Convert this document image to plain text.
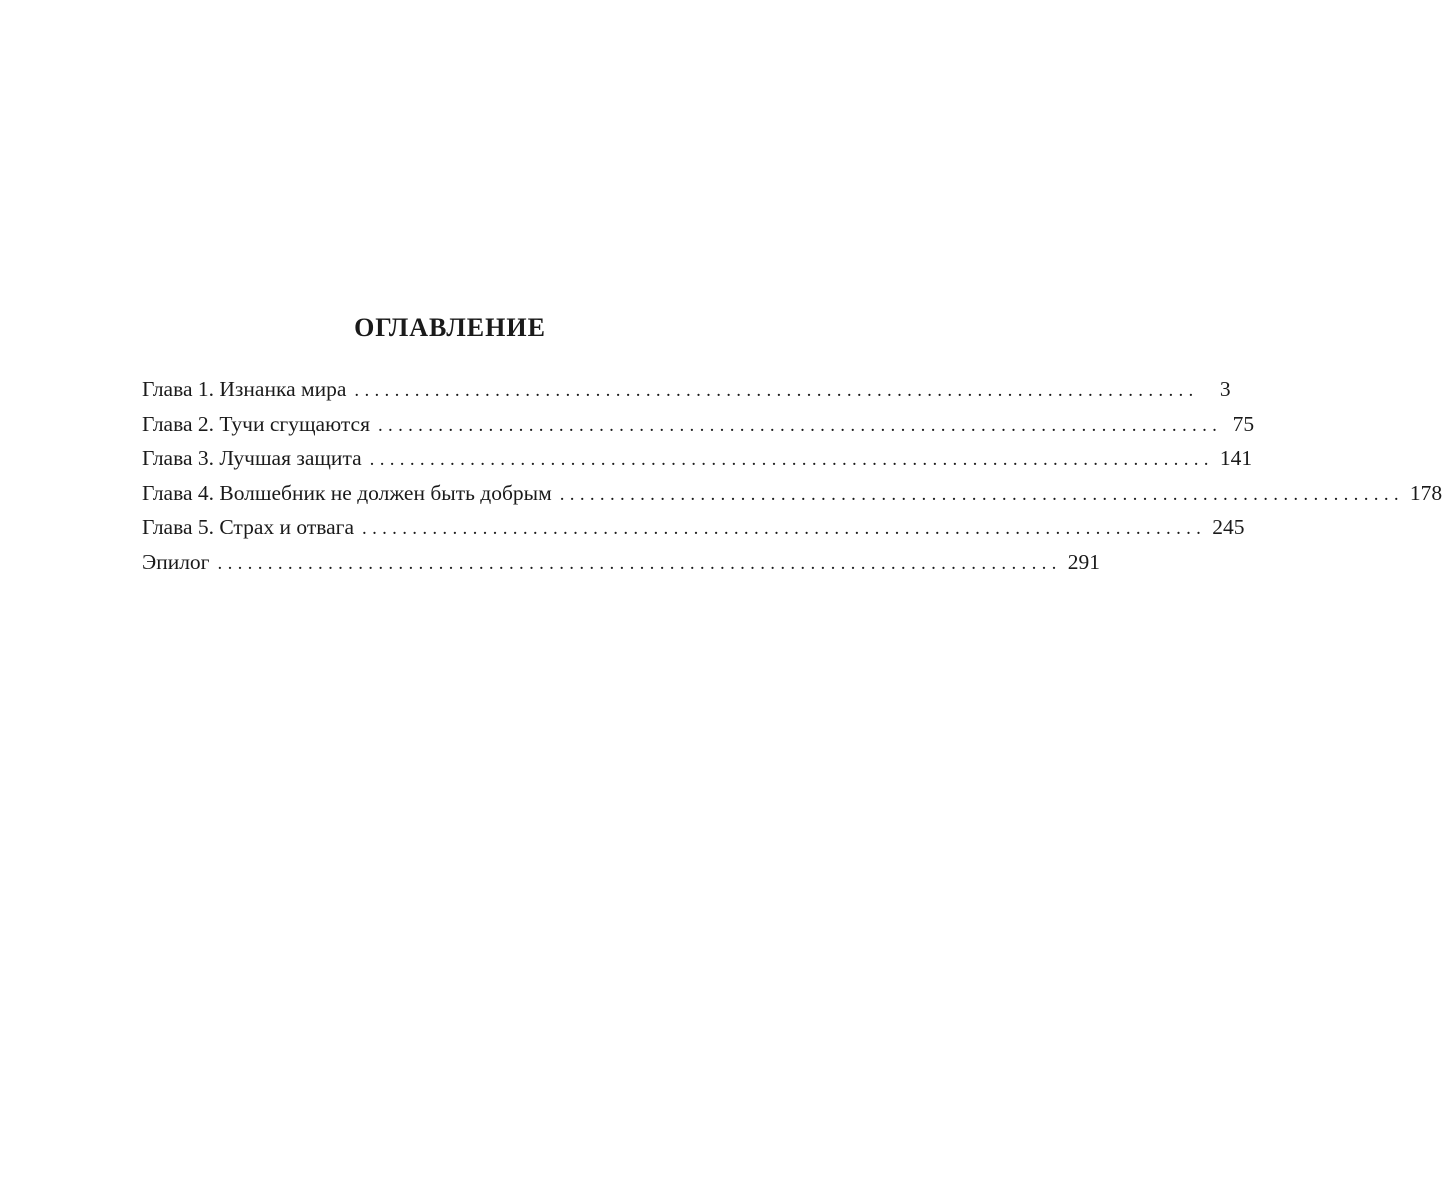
ОГЛАВЛЕНИЕ
Глава 1. Изнанка мира .................................................................................... 3
Глава 2. Тучи сгущаются .................................................................................... 75
Глава 3. Лучшая защита .................................................................................... 141
Глава 4. Волшебник не должен быть добрым .................................................................................... 178
Глава 5. Страх и отвага .................................................................................... 245
Эпилог .................................................................................... 291
